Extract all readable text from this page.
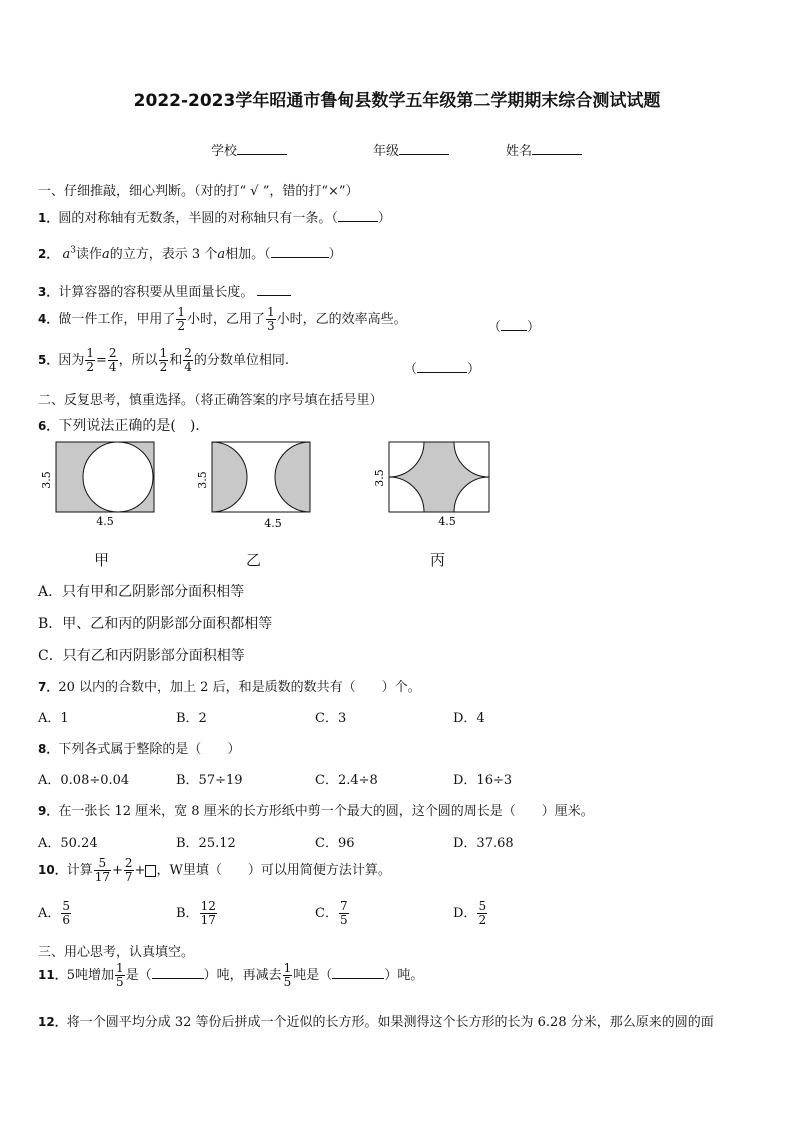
2022-2023学年昭通市鲁甸县数学五年级第二学期期末综合测试试题
学校	年级	姓名
一、仔细推敲，细心判断。（对的打“ √ ”，错的打“×”）
1．圆的对称轴有无数条，半圆的对称轴只有一条。（	）
2． $a^3$读作a的立方，表示 3 个a相加。（	）
3．计算容器的容积要从里面量长度。
4．做一件工作，甲用了 $\frac{1}{2}$ 小时，乙用了 $\frac{1}{3}$ 小时，乙的效率高些。
（ ）
5．因为 $\frac{1}{2} = \frac{2}{4}$ ，所以 $\frac{1}{2}$ 和 $\frac{2}{4}$ 的分数单位相同.
（	）
二、反复思考，慎重选择。（将正确答案的序号填在括号里）
6．下列说法正确的是(　).
3.5
4.5
3.5
4.5
3.5
4.5
甲	乙	丙
A．只有甲和乙阴影部分面积相等
B．甲、乙和丙的阴影部分面积都相等
C．只有乙和丙阴影部分面积相等
7．20 以内的合数中，加上 2 后，和是质数的数共有（　　）个。
A．1	B．2	C．3	D．4
8．下列各式属于整除的是（　　）
A．0.08÷0.04	B．57÷19	C．2.4÷8	D．16÷3
9．在一张长 12 厘米，宽 8 厘米的长方形纸中剪一个最大的圆，这个圆的周长是（　　）厘米。
A．50.24	B．25.12	C．96	D．37.68
10．计算 $\frac{5}{17} + \frac{2}{7}$ + ，W里填（　　）可以用简便方法计算。
A． $\frac{5}{6}$	B． $\frac{12}{17}$	C． $\frac{7}{5}$	D． $\frac{5}{2}$
三、用心思考，认真填空。
11．5吨增加 $\frac{1}{5}$ 是（	）吨，再减去 $\frac{1}{5}$ 吨是（	）吨。
12．将一个圆平均分成 32 等份后拼成一个近似的长方形。如果测得这个长方形的长为 6.28 分米，那么原来的圆的面
